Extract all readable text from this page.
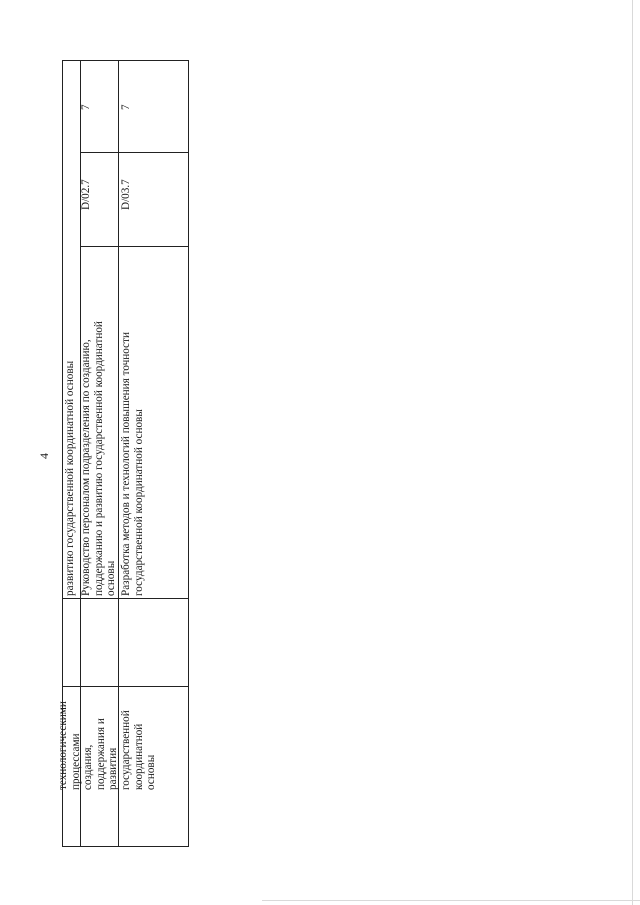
4
технологическими процессами создания, поддержания и развития государственной координатной основы
развитию государственной координатной основы Руководство персоналом подразделения по созданию, поддержанию и развитию государственной координатной основы
D/02.7
7
Разработка методов и технологий повышения точности государственной координатной основы
D/03.7
7
